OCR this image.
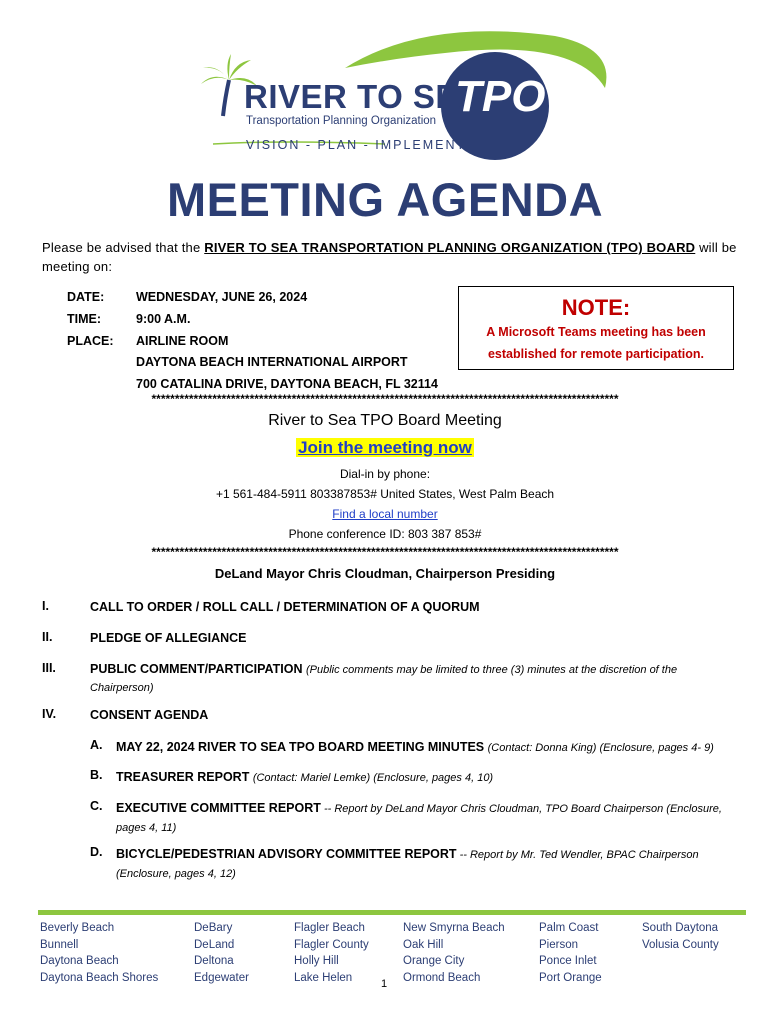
RIVER TO SEA
Transportation Planning Organization
VISION - PLAN - IMPLEMENT
TPO
MEETING AGENDA
Please be advised that the RIVER TO SEA TRANSPORTATION PLANNING ORGANIZATION (TPO) BOARD will be meeting on:
DATE:	WEDNESDAY, JUNE 26, 2024
TIME:	9:00 A.M.
PLACE: AIRLINE ROOM
DAYTONA BEACH INTERNATIONAL AIRPORT
700 CATALINA DRIVE, DAYTONA BEACH, FL 32114
NOTE:
A Microsoft Teams meeting has been
established for remote participation.
****************************************************************************************************
River to Sea TPO Board Meeting
Join the meeting now
Dial-in by phone:
+1 561-484-5911 803387853# United States, West Palm Beach
Find a local number
Phone conference ID: 803 387 853#
****************************************************************************************************
DeLand Mayor Chris Cloudman, Chairperson Presiding
I.	CALL TO ORDER / ROLL CALL / DETERMINATION OF A QUORUM
II.	PLEDGE OF ALLEGIANCE
III.	PUBLIC COMMENT/PARTICIPATION (Public comments may be limited to three (3) minutes at the discretion of the Chairperson)
IV.	CONSENT AGENDA
A. MAY 22, 2024 RIVER TO SEA TPO BOARD MEETING MINUTES (Contact: Donna King) (Enclosure, pages 4- 9)
B. TREASURER REPORT (Contact: Mariel Lemke) (Enclosure, pages 4, 10)
C. EXECUTIVE COMMITTEE REPORT -- Report by DeLand Mayor Chris Cloudman, TPO Board Chairperson (Enclosure, pages 4, 11)
D. BICYCLE/PEDESTRIAN ADVISORY COMMITTEE REPORT -- Report by Mr. Ted Wendler, BPAC Chairperson (Enclosure, pages 4, 12)
Beverly Beach
Bunnell
Daytona Beach
Daytona Beach Shores
DeBary
DeLand
Deltona
Edgewater
Flagler Beach
Flagler County
Holly Hill
Lake Helen
New Smyrna Beach
Oak Hill
Orange City
Ormond Beach
Palm Coast
Pierson
Ponce Inlet
Port Orange
South Daytona
Volusia County
1
